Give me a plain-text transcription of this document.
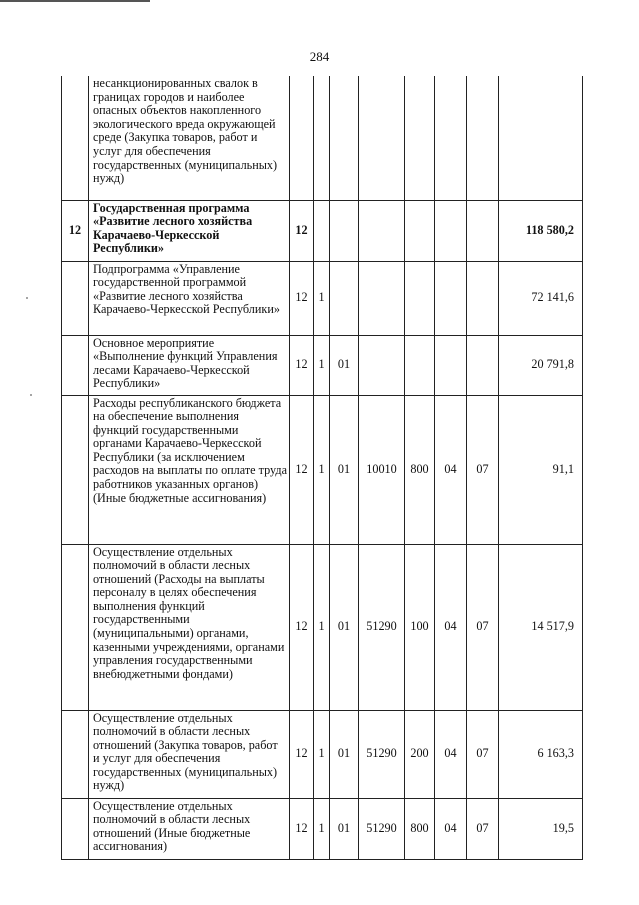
284
	несанкционированных свалок в границах городов и наиболее опасных объектов накопленного экологического вреда окружающей среде (Закупка товаров, работ и услуг для обеспечения государственных (муниципальных) нужд)								
12	Государственная программа «Развитие лесного хозяйства Карачаево-Черкесской Республики»	12							118 580,2
	Подпрограмма «Управление государственной программой «Развитие лесного хозяйства Карачаево-Черкесской Республики»	12	1						72 141,6
	Основное мероприятие «Выполнение функций Управления лесами Карачаево-Черкесской Республики»	12	1	01					20 791,8
	Расходы республиканского бюджета на обеспечение выполнения функций государственными органами Карачаево-Черкесской Республики (за исключением расходов на выплаты по оплате труда работников указанных органов) (Иные бюджетные ассигнования)	12	1	01	10010	800	04	07	91,1
	Осуществление отдельных полномочий в области лесных отношений (Расходы на выплаты персоналу в целях обеспечения выполнения функций государственными (муниципальными) органами, казенными учреждениями, органами управления государственными внебюджетными фондами)	12	1	01	51290	100	04	07	14 517,9
	Осуществление отдельных полномочий в области лесных отношений (Закупка товаров, работ и услуг для обеспечения государственных (муниципальных) нужд)	12	1	01	51290	200	04	07	6 163,3
	Осуществление отдельных полномочий в области лесных отношений (Иные бюджетные ассигнования)	12	1	01	51290	800	04	07	19,5
